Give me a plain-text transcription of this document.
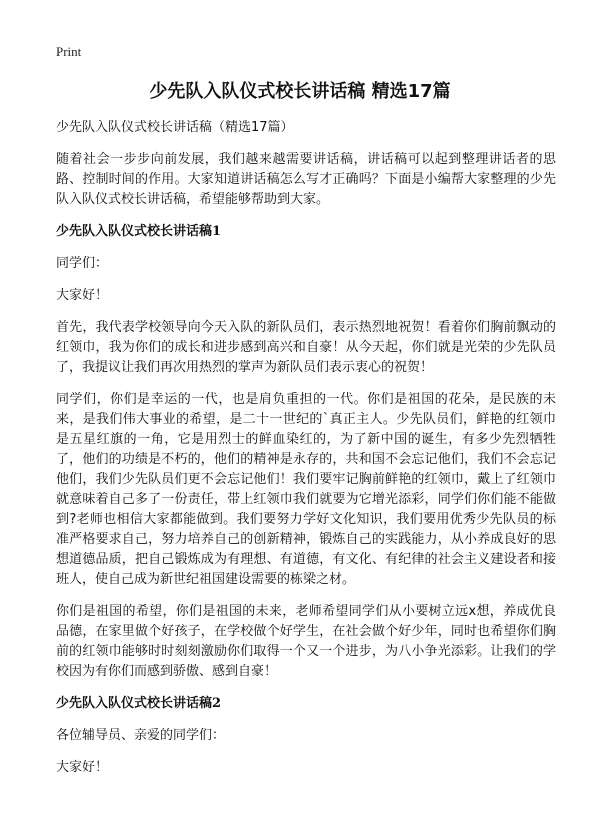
Print
少先队入队仪式校长讲话稿 精选17篇
少先队入队仪式校长讲话稿（精选17篇）

随着社会一步步向前发展，我们越来越需要讲话稿，讲话稿可以起到整理讲话者的思路、控制时间的作用。大家知道讲话稿怎么写才正确吗？下面是小编帮大家整理的少先队入队仪式校长讲话稿，希望能够帮助到大家。

少先队入队仪式校长讲话稿1

同学们：

大家好！

首先，我代表学校领导向今天入队的新队员们，表示热烈地祝贺！看着你们胸前飘动的红领巾，我为你们的成长和进步感到高兴和自豪！从今天起，你们就是光荣的少先队员了，我提议让我们再次用热烈的掌声为新队员们表示衷心的祝贺！

同学们，你们是幸运的一代，也是肩负重担的一代。你们是祖国的花朵，是民族的未来，是我们伟大事业的希望，是二十一世纪的`真正主人。少先队员们，鲜艳的红领巾是五星红旗的一角，它是用烈士的鲜血染红的，为了新中国的诞生，有多少先烈牺牲了，他们的功绩是不朽的，他们的精神是永存的，共和国不会忘记他们，我们不会忘记他们，我们少先队员们更不会忘记他们！我们要牢记胸前鲜艳的红领巾，戴上了红领巾就意味着自己多了一份责任，带上红领巾我们就要为它增光添彩，同学们你们能不能做到?老师也相信大家都能做到。我们要努力学好文化知识，我们要用优秀少先队员的标准严格要求自己，努力培养自己的创新精神，锻炼自己的实践能力，从小养成良好的思想道德品质，把自己锻炼成为有理想、有道德，有文化、有纪律的社会主义建设者和接班人，使自己成为新世纪祖国建设需要的栋梁之材。

你们是祖国的希望，你们是祖国的未来，老师希望同学们从小要树立远x想，养成优良品德，在家里做个好孩子，在学校做个好学生，在社会做个好少年，同时也希望你们胸前的红领巾能够时时刻刻激励你们取得一个又一个进步，为八小争光添彩。让我们的学校因为有你们而感到骄傲、感到自豪！

少先队入队仪式校长讲话稿2

各位辅导员、亲爱的同学们：

大家好！
